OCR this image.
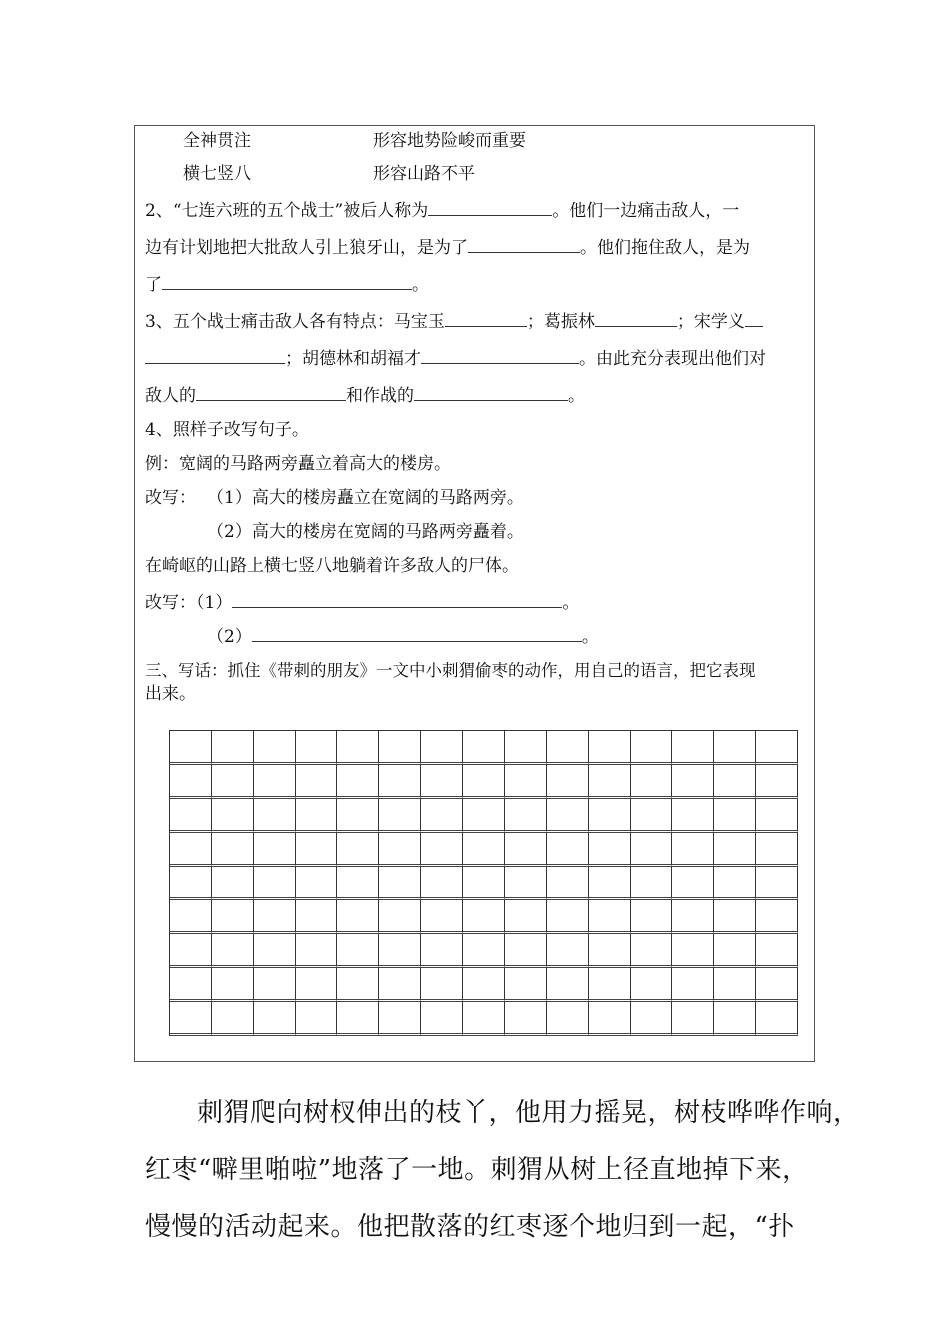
全神贯注	形容地势险峻而重要
横七竖八	形容山路不平
2、“七连六班的五个战士”被后人称为	。他们一边痛击敌人，一
边有计划地把大批敌人引上狼牙山，是为了	。他们拖住敌人，是为
了	。
3、五个战士痛击敌人各有特点：马宝玉	；葛振林	；宋学义
；胡德林和胡福才	。由此充分表现出他们对
敌人的	和作战的	。
4、照样子改写句子。
例：宽阔的马路两旁矗立着高大的楼房。
改写： （1）高大的楼房矗立在宽阔的马路两旁。
（2）高大的楼房在宽阔的马路两旁矗着。
在崎岖的山路上横七竖八地躺着许多敌人的尸体。
改写：（1）	。
（2）	。
三、写话：抓住《带刺的朋友》一文中小刺猬偷枣的动作，用自己的语言，把它表现
出来。
刺猬爬向树杈伸出的枝丫，他用力摇晃，树枝哗哗作响，
红枣“噼里啪啦”地落了一地。刺猬从树上径直地掉下来，
慢慢的活动起来。他把散落的红枣逐个地归到一起，“扑
